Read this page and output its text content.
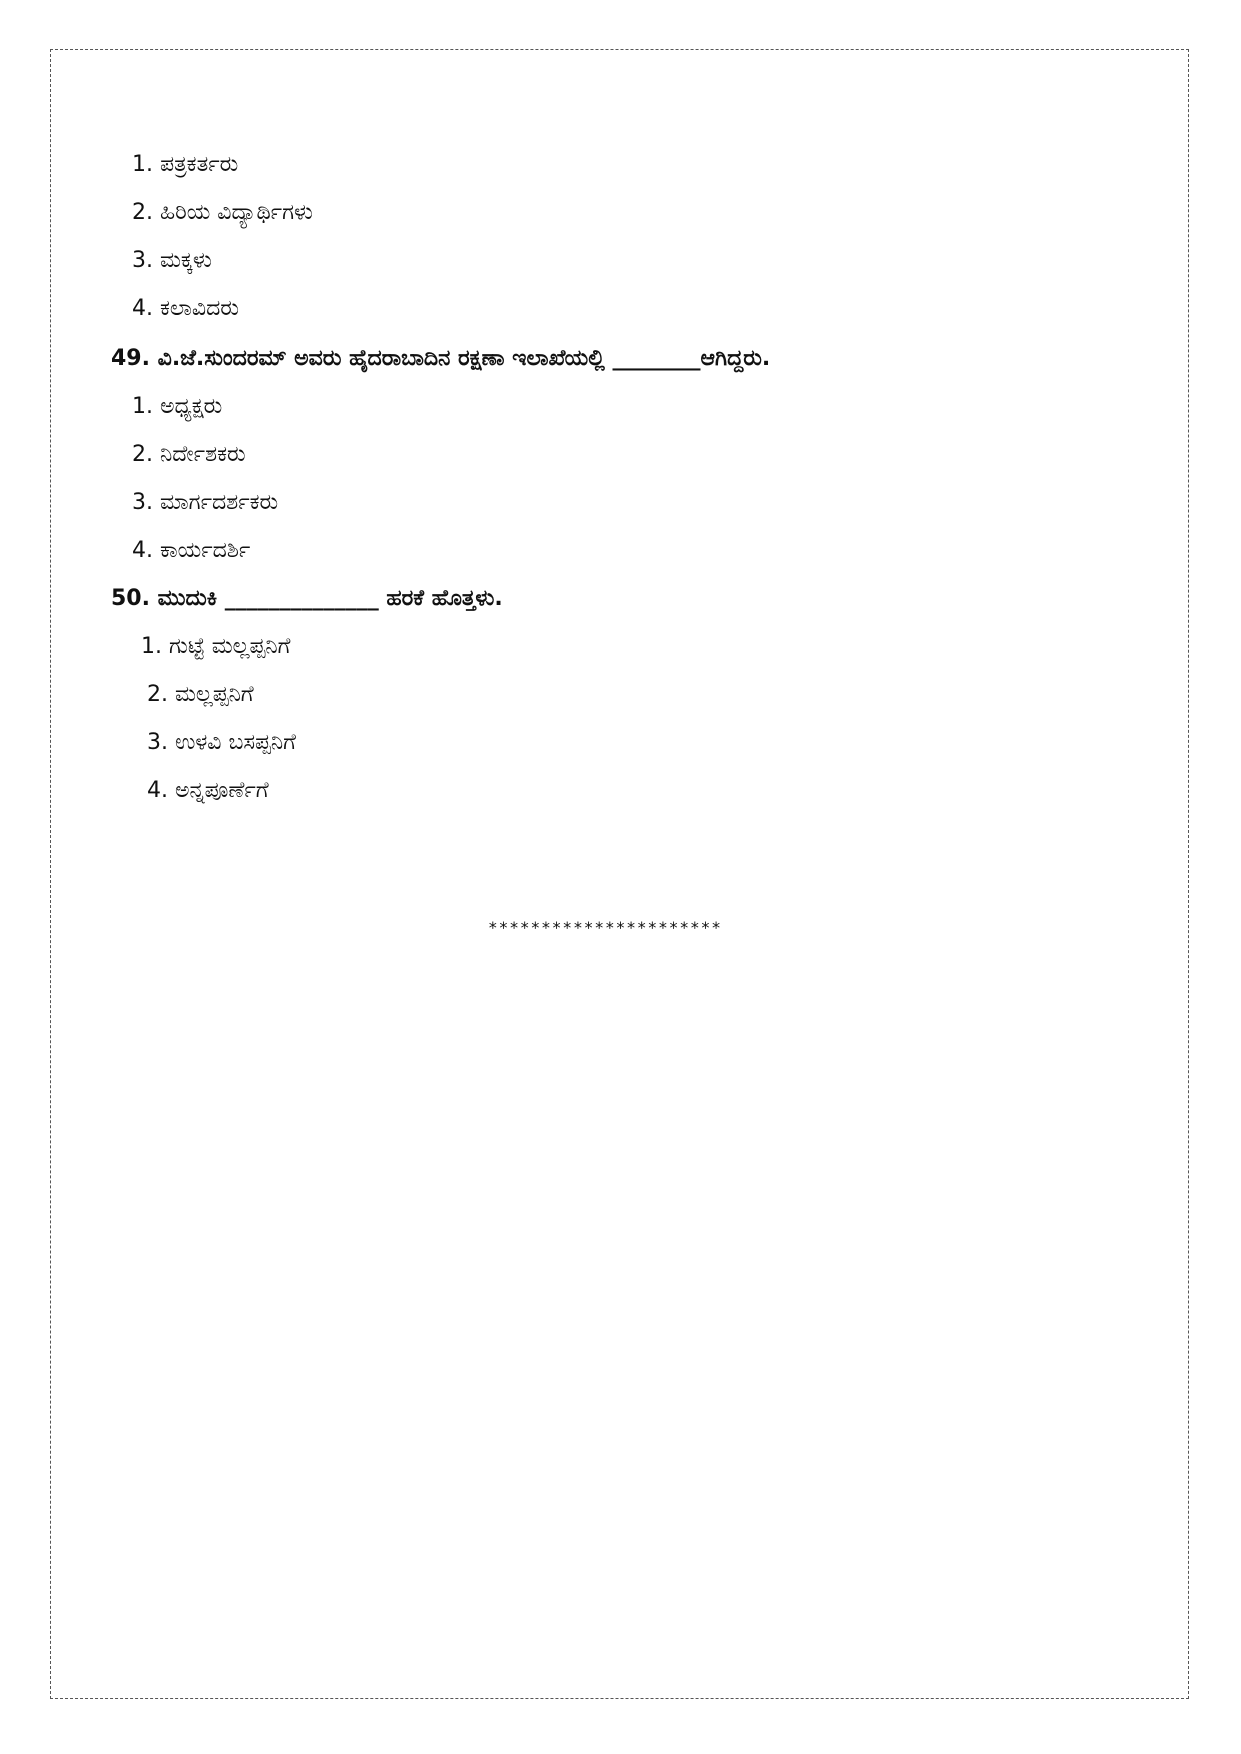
1. ಪತ್ರಕರ್ತರು
2. ಹಿರಿಯ ವಿದ್ಯಾರ್ಥಿಗಳು
3. ಮಕ್ಕಳು
4. ಕಲಾವಿದರು
49. ವಿ.ಜೆ.ಸುಂದರಮ್ ಅವರು ಹೈದರಾಬಾದಿನ ರಕ್ಷಣಾ ಇಲಾಖೆಯಲ್ಲಿ ________ಆಗಿದ್ದರು.
1. ಅಧ್ಯಕ್ಷರು
2. ನಿರ್ದೇಶಕರು
3. ಮಾರ್ಗದರ್ಶಕರು
4. ಕಾರ್ಯದರ್ಶಿ
50. ಮುದುಕಿ ______________ ಹರಕೆ ಹೊತ್ತಳು.
1. ಗುಟ್ಟೆ ಮಲ್ಲಪ್ಪನಿಗೆ
2. ಮಲ್ಲಪ್ಪನಿಗೆ
3. ಉಳವಿ ಬಸಪ್ಪನಿಗೆ
4. ಅನ್ನಪೂರ್ಣೆಗೆ
**********************
